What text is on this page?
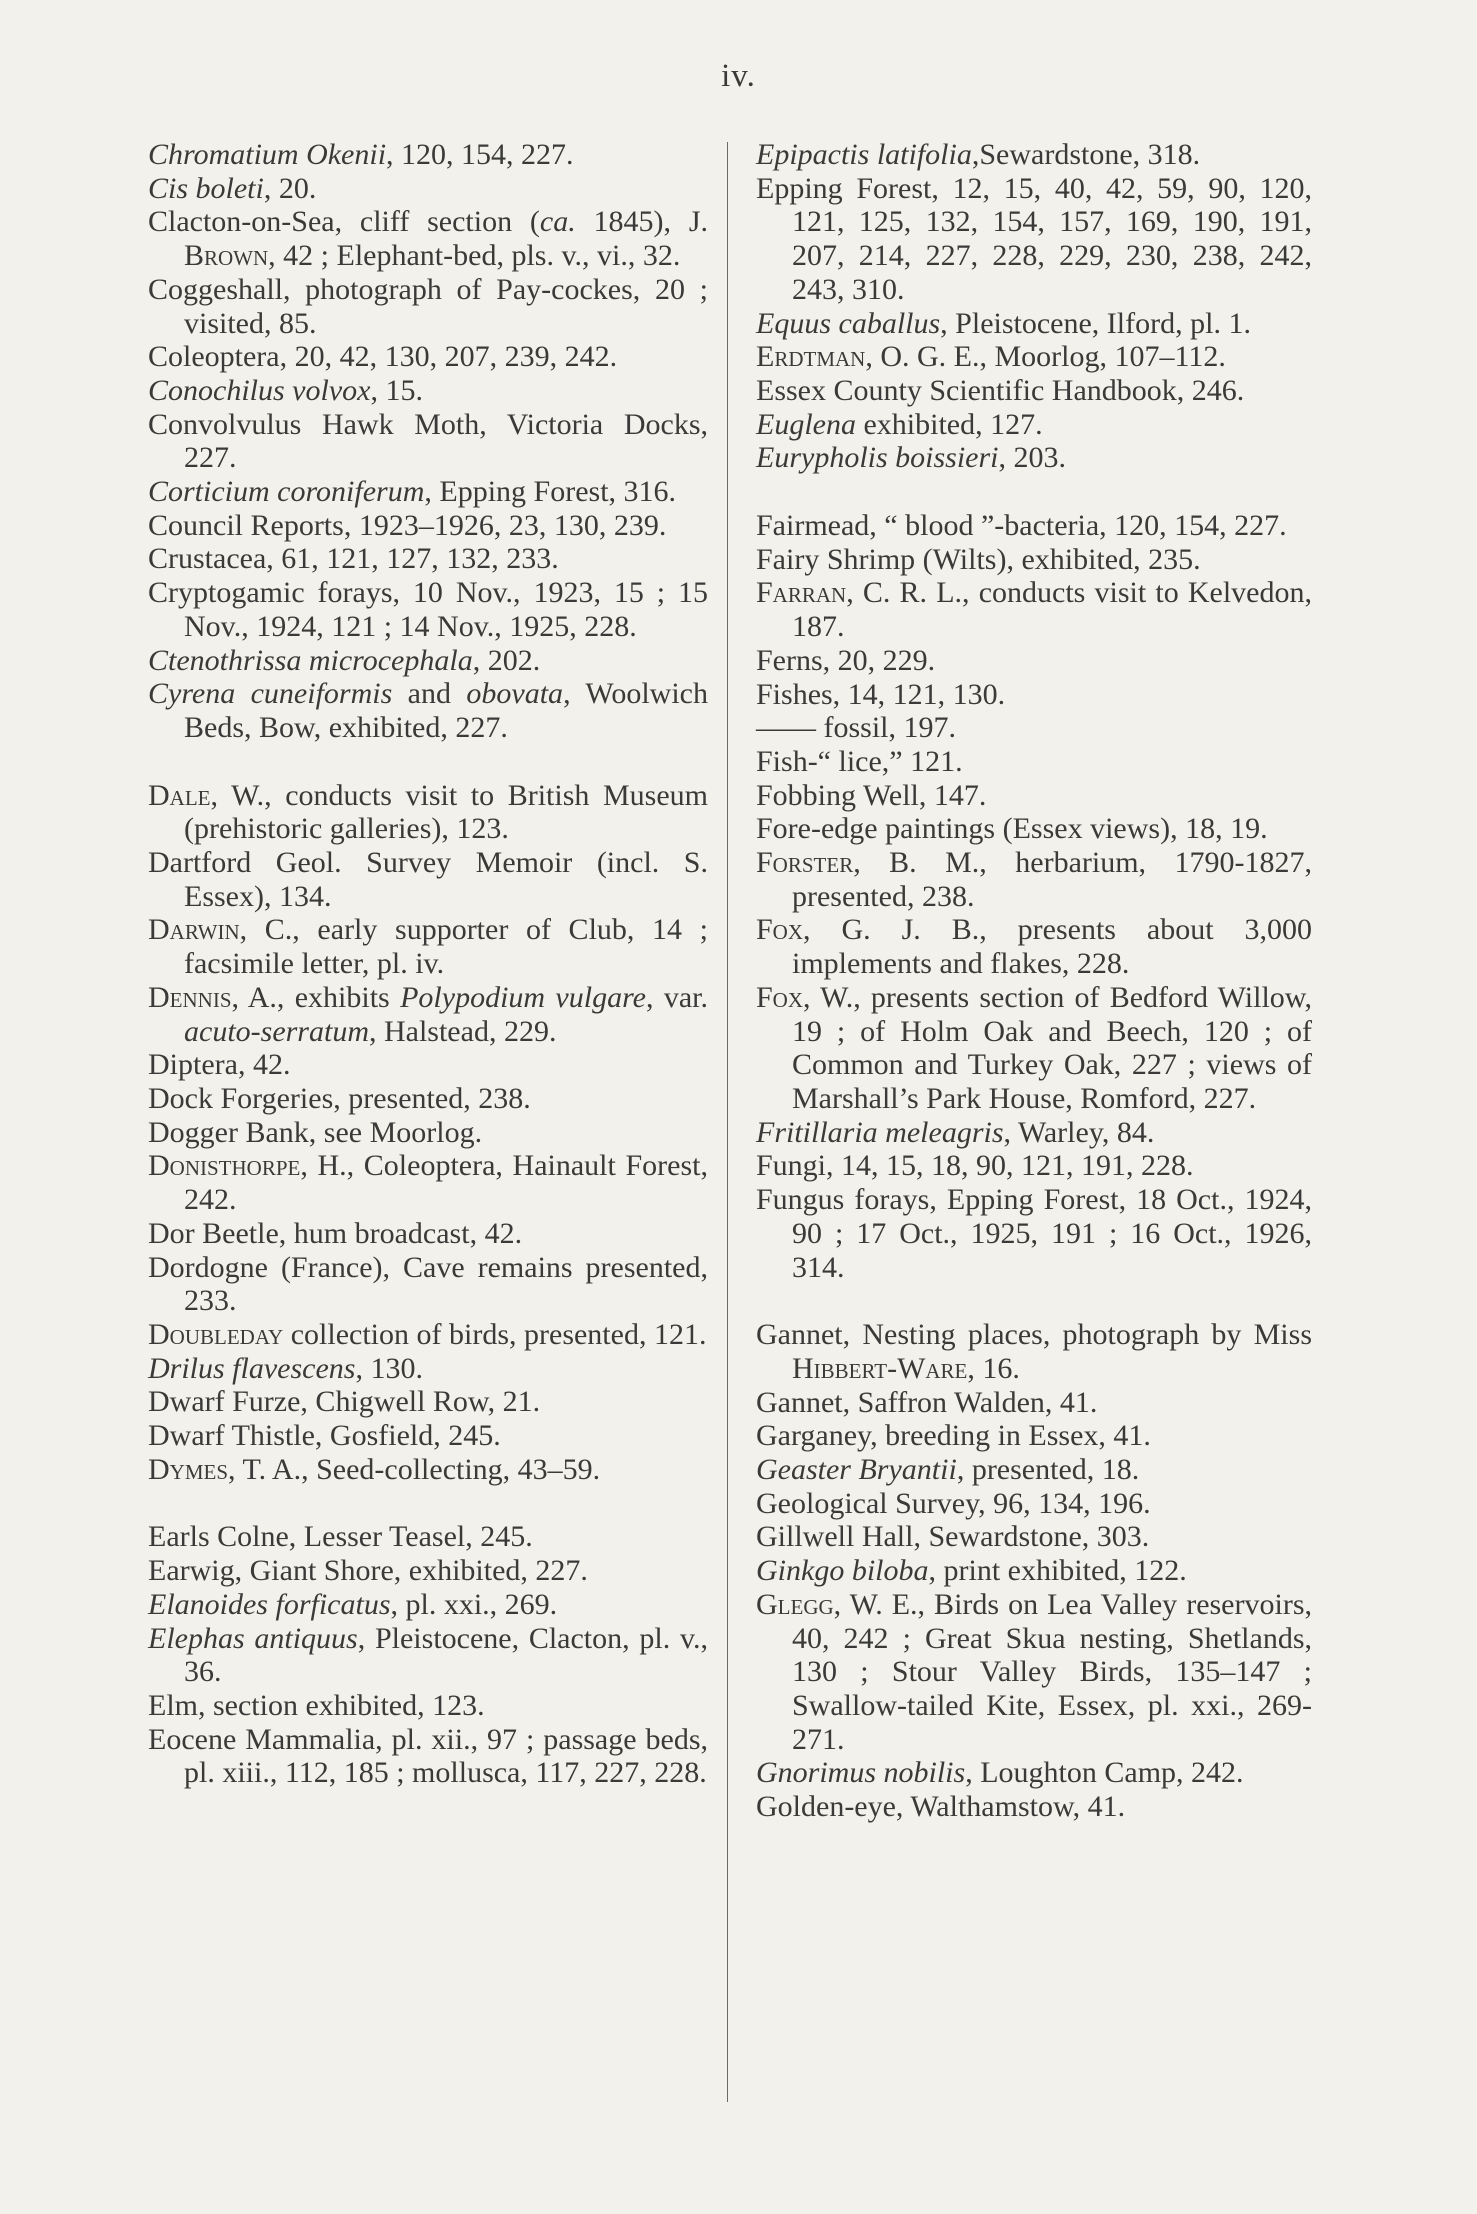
iv.
Chromatium Okenii, 120, 154, 227.
Cis boleti, 20.
Clacton-on-Sea, cliff section (ca. 1845), J. Brown, 42 ; Elephant-bed, pls. v., vi., 32.
Coggeshall, photograph of Pay-cockes, 20 ; visited, 85.
Coleoptera, 20, 42, 130, 207, 239, 242.
Conochilus volvox, 15.
Convolvulus Hawk Moth, Victoria Docks, 227.
Corticium coroniferum, Epping Forest, 316.
Council Reports, 1923–1926, 23, 130, 239.
Crustacea, 61, 121, 127, 132, 233.
Cryptogamic forays, 10 Nov., 1923, 15 ; 15 Nov., 1924, 121 ; 14 Nov., 1925, 228.
Ctenothrissa microcephala, 202.
Cyrena cuneiformis and obovata, Woolwich Beds, Bow, exhibited, 227.
Dale, W., conducts visit to British Museum (prehistoric galleries), 123.
Dartford Geol. Survey Memoir (incl. S. Essex), 134.
Darwin, C., early supporter of Club, 14 ; facsimile letter, pl. iv.
Dennis, A., exhibits Polypodium vulgare, var. acuto-serratum, Halstead, 229.
Diptera, 42.
Dock Forgeries, presented, 238.
Dogger Bank, see Moorlog.
Donisthorpe, H., Coleoptera, Hainault Forest, 242.
Dor Beetle, hum broadcast, 42.
Dordogne (France), Cave remains presented, 233.
Doubleday collection of birds, presented, 121.
Drilus flavescens, 130.
Dwarf Furze, Chigwell Row, 21.
Dwarf Thistle, Gosfield, 245.
Dymes, T. A., Seed-collecting, 43–59.
Earls Colne, Lesser Teasel, 245.
Earwig, Giant Shore, exhibited, 227.
Elanoides forficatus, pl. xxi., 269.
Elephas antiquus, Pleistocene, Clacton, pl. v., 36.
Elm, section exhibited, 123.
Eocene Mammalia, pl. xii., 97 ; passage beds, pl. xiii., 112, 185 ; mollusca, 117, 227, 228.
Epipactis latifolia,Sewardstone, 318.
Epping Forest, 12, 15, 40, 42, 59, 90, 120, 121, 125, 132, 154, 157, 169, 190, 191, 207, 214, 227, 228, 229, 230, 238, 242, 243, 310.
Equus caballus, Pleistocene, Ilford, pl. 1.
Erdtman, O. G. E., Moorlog, 107–112.
Essex County Scientific Handbook, 246.
Euglena exhibited, 127.
Eurypholis boissieri, 203.
Fairmead, “ blood ”-bacteria, 120, 154, 227.
Fairy Shrimp (Wilts), exhibited, 235.
Farran, C. R. L., conducts visit to Kelvedon, 187.
Ferns, 20, 229.
Fishes, 14, 121, 130.
—— fossil, 197.
Fish-“ lice,” 121.
Fobbing Well, 147.
Fore-edge paintings (Essex views), 18, 19.
Forster, B. M., herbarium, 1790-1827, presented, 238.
Fox, G. J. B., presents about 3,000 implements and flakes, 228.
Fox, W., presents section of Bedford Willow, 19 ; of Holm Oak and Beech, 120 ; of Common and Turkey Oak, 227 ; views of Marshall’s Park House, Romford, 227.
Fritillaria meleagris, Warley, 84.
Fungi, 14, 15, 18, 90, 121, 191, 228.
Fungus forays, Epping Forest, 18 Oct., 1924, 90 ; 17 Oct., 1925, 191 ; 16 Oct., 1926, 314.
Gannet, Nesting places, photograph by Miss Hibbert-Ware, 16.
Gannet, Saffron Walden, 41.
Garganey, breeding in Essex, 41.
Geaster Bryantii, presented, 18.
Geological Survey, 96, 134, 196.
Gillwell Hall, Sewardstone, 303.
Ginkgo biloba, print exhibited, 122.
Glegg, W. E., Birds on Lea Valley reservoirs, 40, 242 ; Great Skua nesting, Shetlands, 130 ; Stour Valley Birds, 135–147 ; Swallow-tailed Kite, Essex, pl. xxi., 269-271.
Gnorimus nobilis, Loughton Camp, 242.
Golden-eye, Walthamstow, 41.
